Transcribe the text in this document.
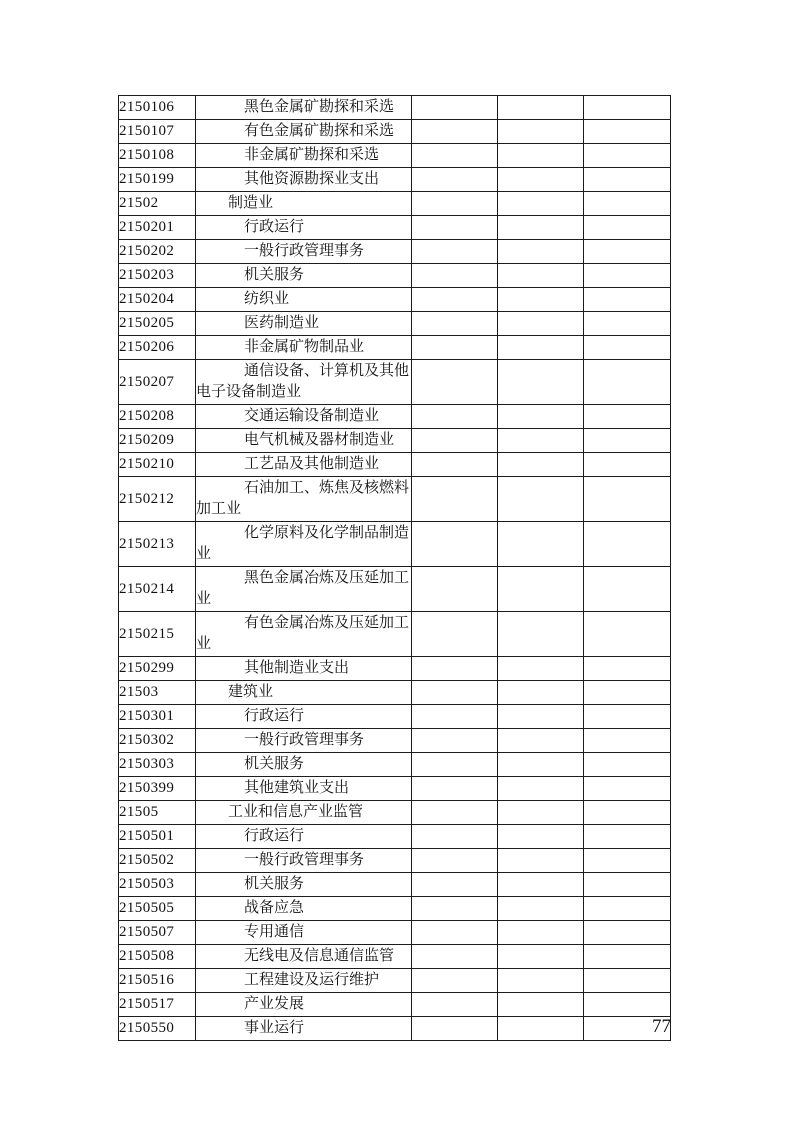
2150106	黑色金属矿勘探和采选			
2150107	有色金属矿勘探和采选			
2150108	非金属矿勘探和采选			
2150199	其他资源勘探业支出			
21502	制造业			
2150201	行政运行			
2150202	一般行政管理事务			
2150203	机关服务			
2150204	纺织业			
2150205	医药制造业			
2150206	非金属矿物制品业			
2150207	通信设备、计算机及其他电子设备制造业			
2150208	交通运输设备制造业			
2150209	电气机械及器材制造业			
2150210	工艺品及其他制造业			
2150212	石油加工、炼焦及核燃料加工业			
2150213	化学原料及化学制品制造业			
2150214	黑色金属冶炼及压延加工业			
2150215	有色金属冶炼及压延加工业			
2150299	其他制造业支出			
21503	建筑业			
2150301	行政运行			
2150302	一般行政管理事务			
2150303	机关服务			
2150399	其他建筑业支出			
21505	工业和信息产业监管			
2150501	行政运行			
2150502	一般行政管理事务			
2150503	机关服务			
2150505	战备应急			
2150507	专用通信			
2150508	无线电及信息通信监管			
2150516	工程建设及运行维护			
2150517	产业发展			
2150550	事业运行				77
